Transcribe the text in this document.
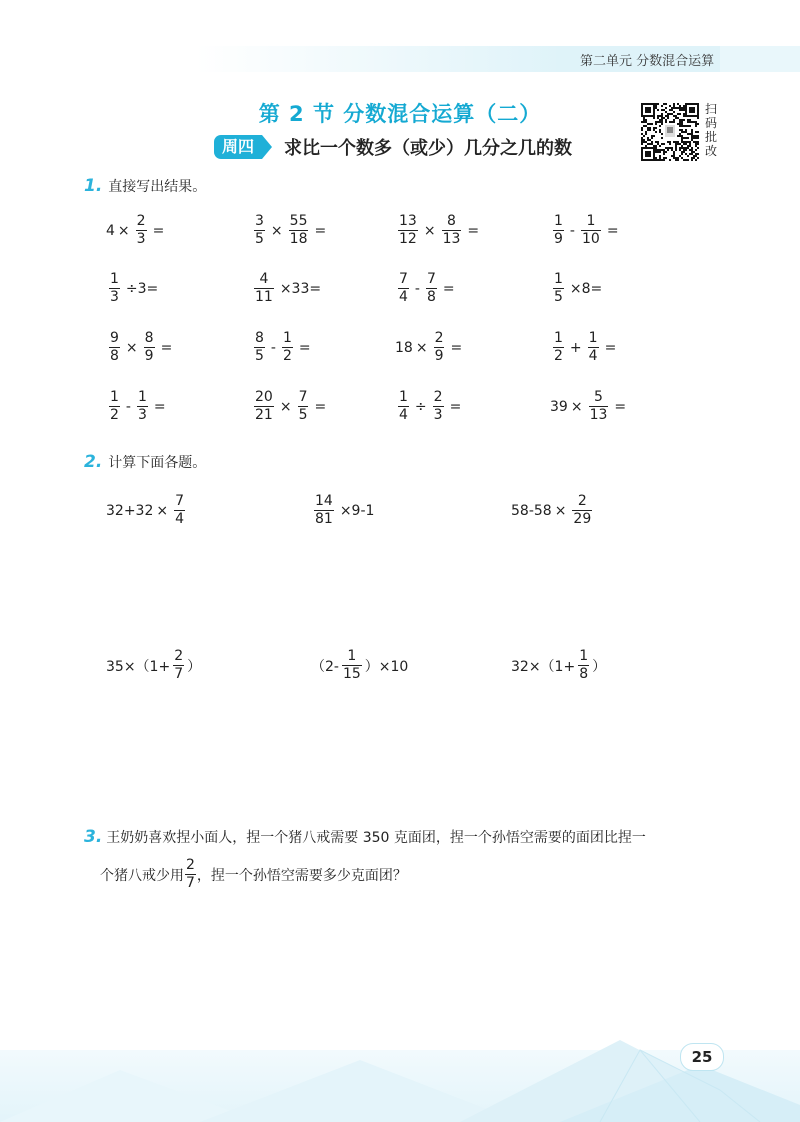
第二单元 分数混合运算
第 2 节 分数混合运算（二）
周四	求比一个数多（或少）几分之几的数
扫
码
批
改
1. 直接写出结果。
2. 计算下面各题。
3. 王奶奶喜欢捏小面人，捏一个猪八戒需要 350 克面团，捏一个孙悟空需要的面团比捏一
个猪八戒少用 $\frac{2}{7}$ ，捏一个孙悟空需要多少克面团？
25
$4 \times \frac{2}{3}$ =	$\frac{3}{5} \times \frac{55}{18}$ =	$\frac{13}{12} \times \frac{8}{13}$ =	$\frac{1}{9} - \frac{1}{10}$ =
$\frac{1}{3} \div 3=$	$\frac{4}{11} \times 33=$	$\frac{7}{4} - \frac{7}{8}$ =	$\frac{1}{5} \times 8=$
$\frac{9}{8} \times \frac{8}{9}$ =	$\frac{8}{5} - \frac{1}{2}$ =	$18 \times \frac{2}{9}$ =	$\frac{1}{2} + \frac{1}{4}$ =
$\frac{1}{2} - \frac{1}{3}$ =	$\frac{20}{21} \times \frac{7}{5}$ =	$\frac{1}{4} \div \frac{2}{3}$ =	$39 \times \frac{5}{13}$ =
$32+32 \times \frac{7}{4}$	$\frac{14}{81} \times 9-1$	$58-58 \times \frac{2}{29}$
$35\times(1+ \frac{2}{7}$ ）	$(2- \frac{1}{15} )\times 10$	$32\times(1+ \frac{1}{8}$ ）
